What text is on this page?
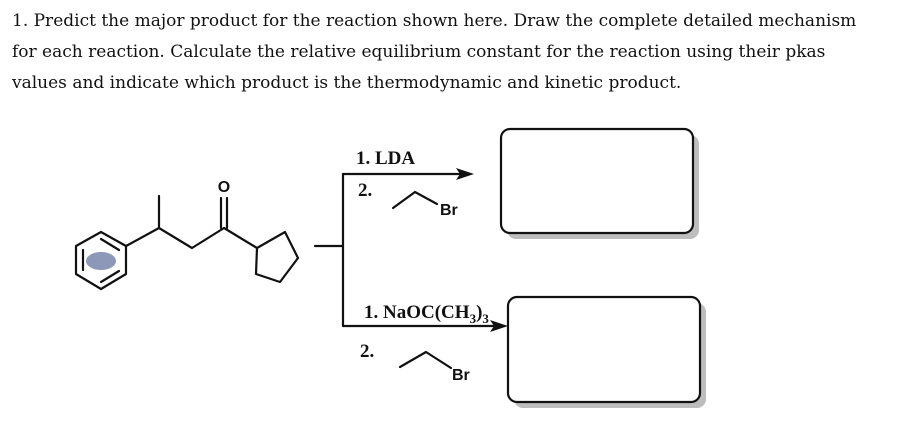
1. Predict the major product for the reaction shown here. Draw the complete detailed mechanism
for each reaction. Calculate the relative equilibrium constant for the reaction using their pkas
values and indicate which product is the thermodynamic and kinetic product.

O
1. LDA
2.
Br
1. $NaOC(CH_3)_3$
2.
Br
